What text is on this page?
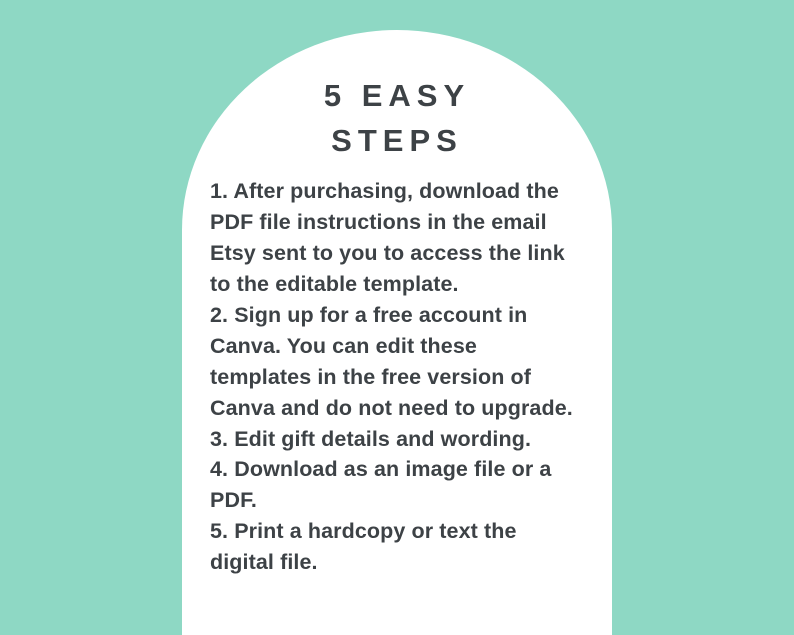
5 EASY STEPS
1. After purchasing, download the PDF file instructions in the email Etsy sent to you to access the link to the editable template.
2. Sign up for a free account in Canva. You can edit these templates in the free version of Canva and do not need to upgrade.
3. Edit gift details and wording.
4. Download as an image file or a PDF.
5. Print a hardcopy or text the digital file.
